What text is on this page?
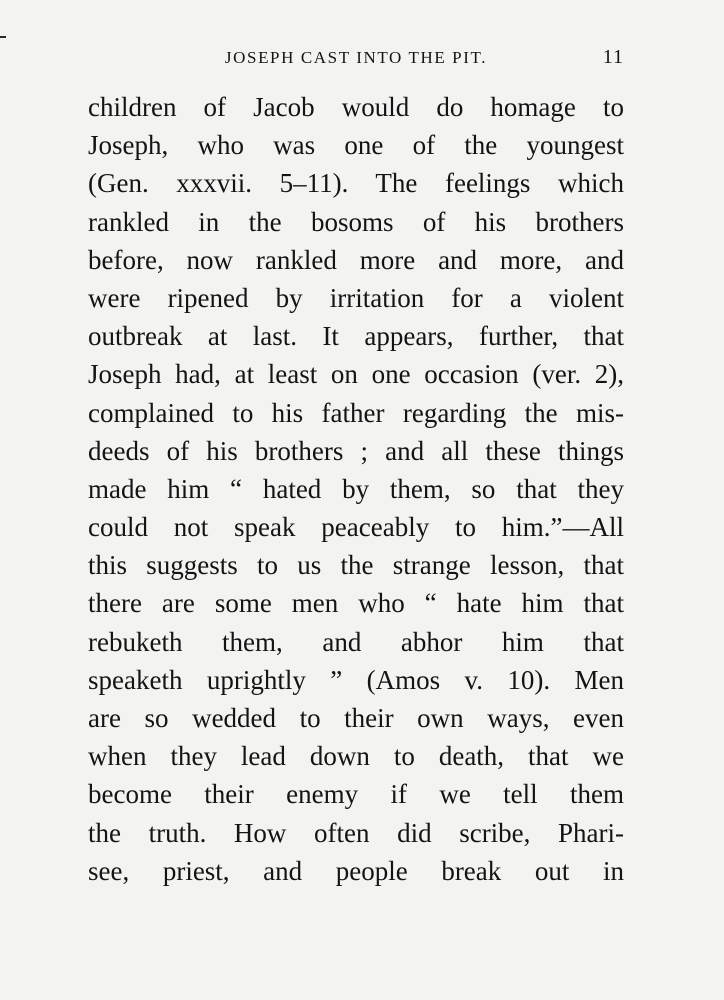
JOSEPH CAST INTO THE PIT.	11
children of Jacob would do homage to
Joseph, who was one of the youngest
(Gen. xxxvii. 5–11). The feelings which
rankled in the bosoms of his brothers
before, now rankled more and more, and
were ripened by irritation for a violent
outbreak at last. It appears, further, that
Joseph had, at least on one occasion (ver. 2),
complained to his father regarding the mis-
deeds of his brothers ; and all these things
made him “ hated by them, so that they
could not speak peaceably to him.”—All
this suggests to us the strange lesson, that
there are some men who “ hate him that
rebuketh them, and abhor him that
speaketh uprightly ” (Amos v. 10). Men
are so wedded to their own ways, even
when they lead down to death, that we
become their enemy if we tell them
the truth. How often did scribe, Phari-
see, priest, and people break out in
